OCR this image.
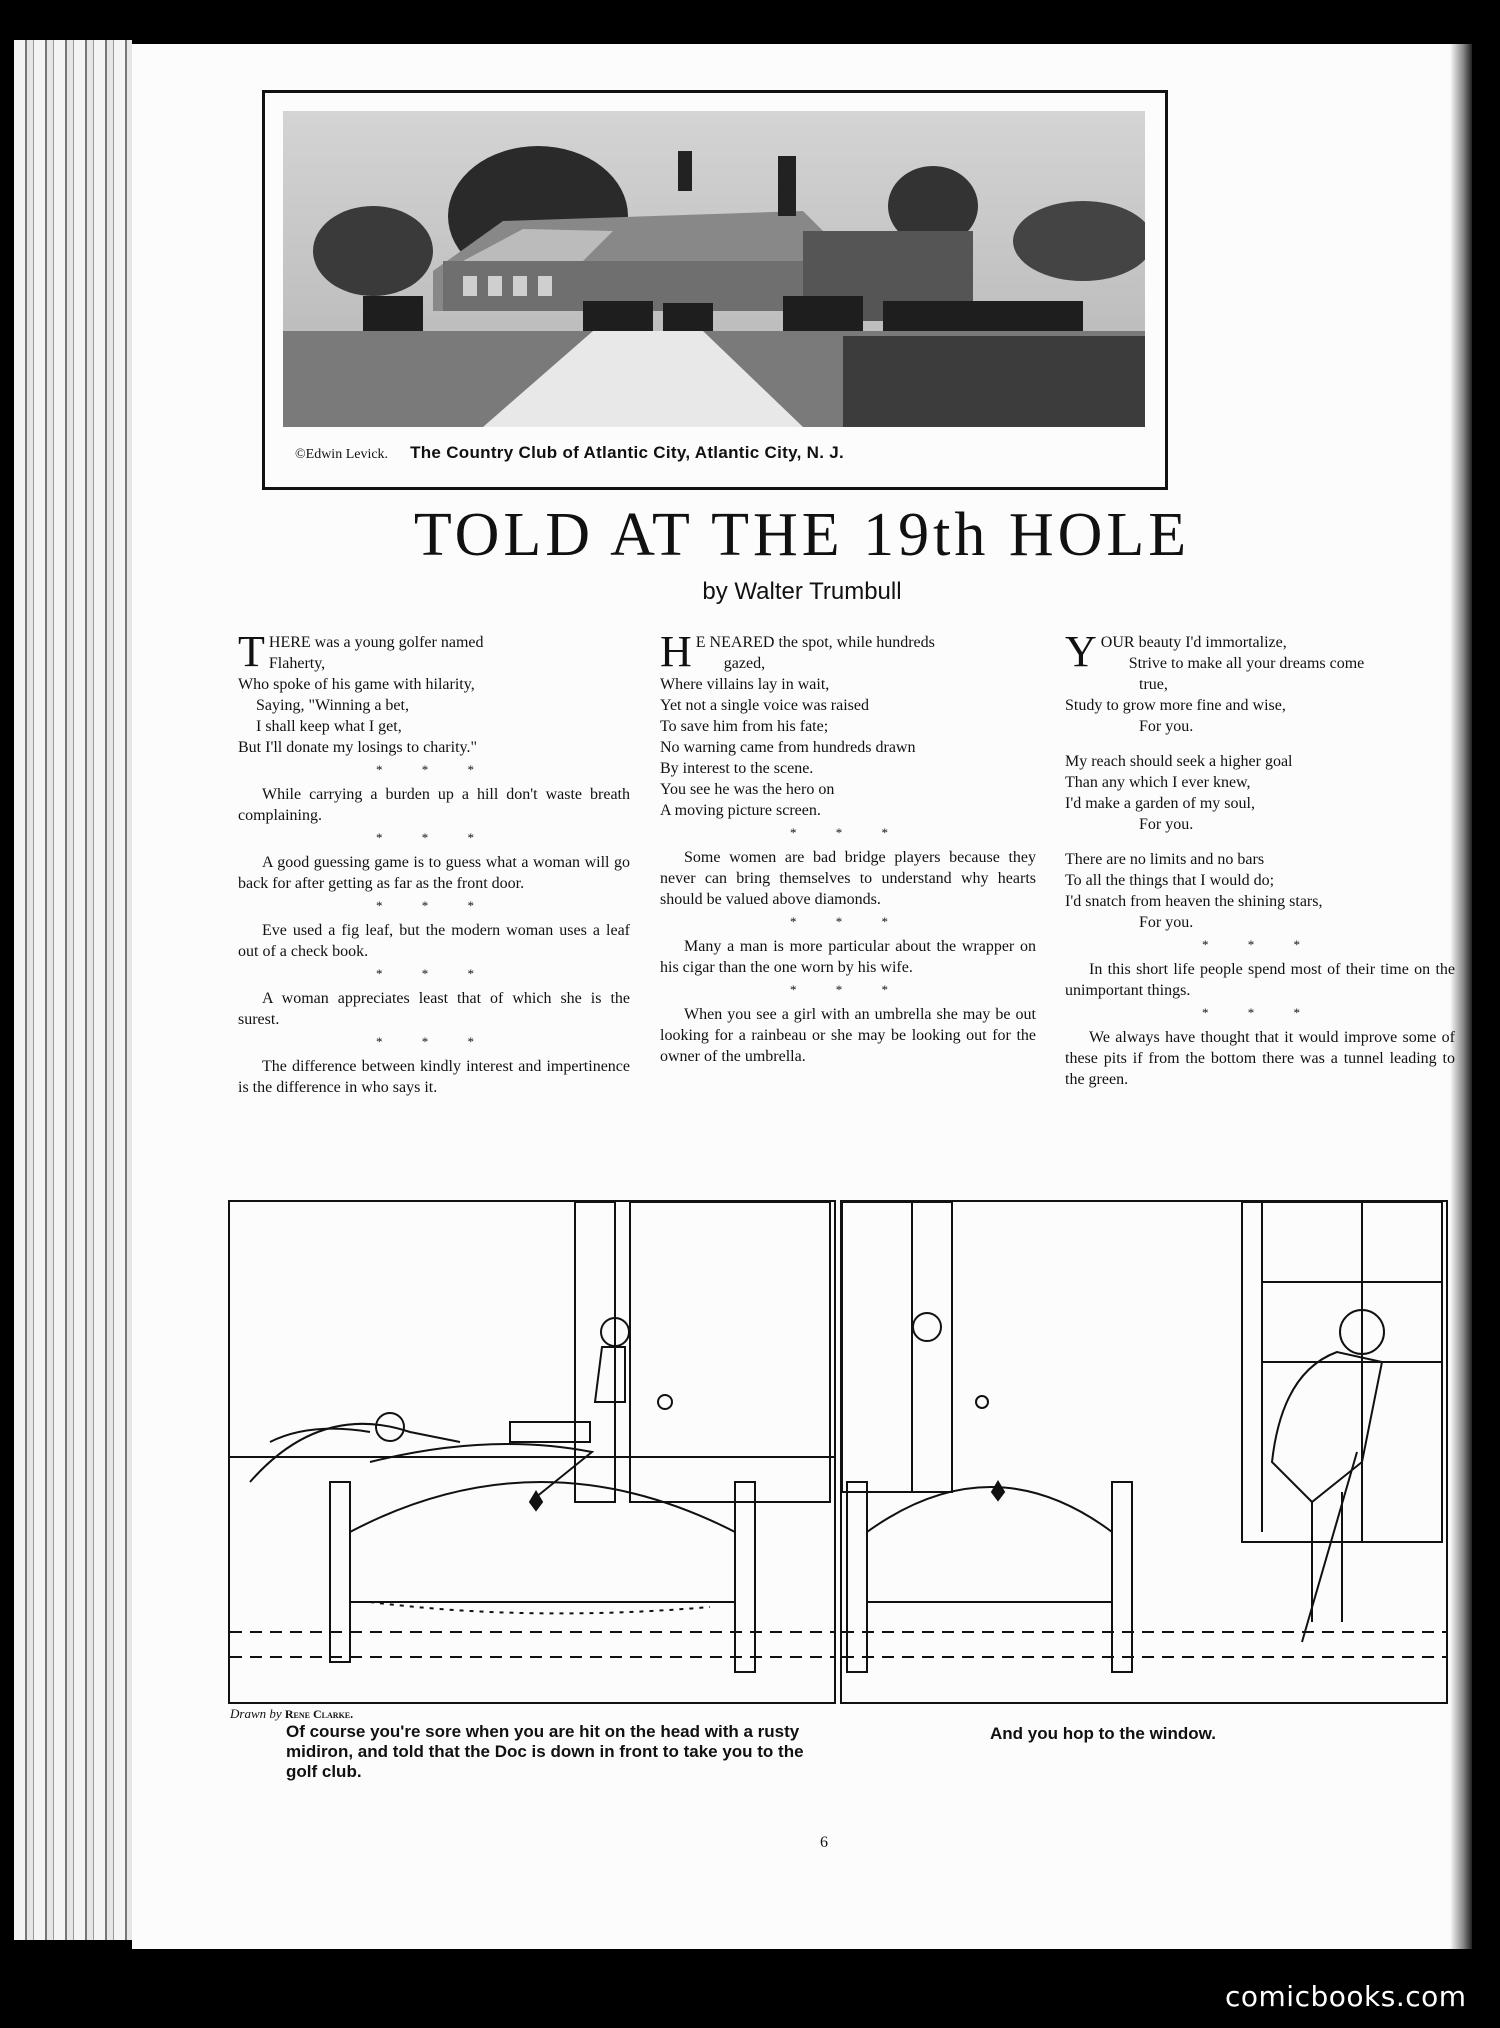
©Edwin Levick. The Country Club of Atlantic City, Atlantic City, N. J.
TOLD AT THE 19th HOLE
by Walter Trumbull

THERE was a young golfer named
Flaherty,
Who spoke of his game with hilarity,
Saying, "Winning a bet,
I shall keep what I get,
But I'll donate my losings to charity."

* * *

While carrying a burden up a hill don't waste breath complaining.

* * *

A good guessing game is to guess what a woman will go back for after getting as far as the front door.

* * *

Eve used a fig leaf, but the modern woman uses a leaf out of a check book.

* * *

A woman appreciates least that of which she is the surest.

* * *

The difference between kindly interest and impertinence is the difference in who says it.

H E NEARED the spot, while hundreds
gazed,
Where villains lay in wait,
Yet not a single voice was raised
To save him from his fate;
No warning came from hundreds drawn
By interest to the scene.
You see he was the hero on
A moving picture screen.

* * *

Some women are bad bridge players because they never can bring themselves to understand why hearts should be valued above diamonds.

* * *

Many a man is more particular about the wrapper on his cigar than the one worn by his wife.

* * *

When you see a girl with an umbrella she may be out looking for a rainbeau or she may be looking out for the owner of the umbrella.

YOUR beauty I'd immortalize,
Strive to make all your dreams come
true,
Study to grow more fine and wise,
For you.

My reach should seek a higher goal
Than any which I ever knew,
I'd make a garden of my soul,
For you.

There are no limits and no bars
To all the things that I would do;
I'd snatch from heaven the shining stars,
For you.

* * *

In this short life people spend most of their time on the unimportant things.

* * *

We always have thought that it would improve some of these pits if from the bottom there was a tunnel leading to the green.

Drawn by Rene Clarke.
Of course you're sore when you are hit on the head with a rusty midiron, and told that the Doc is down in front to take you to the golf club.
And you hop to the window.
6
comicbooks.com
